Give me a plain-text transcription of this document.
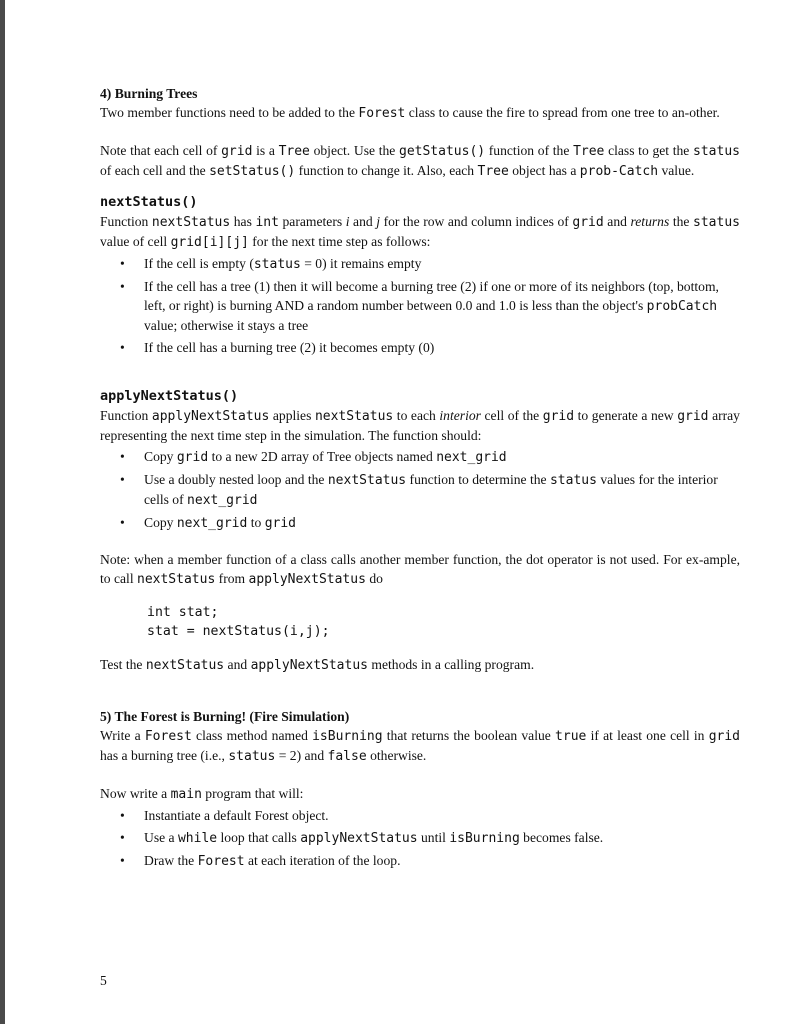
4) Burning Trees

Two member functions need to be added to the Forest class to cause the fire to spread from one tree to an-other.

Note that each cell of grid is a Tree object. Use the getStatus() function of the Tree class to get the status of each cell and the setStatus() function to change it. Also, each Tree object has a prob-Catch value.

nextStatus()

Function nextStatus has int parameters i and j for the row and column indices of grid and returns the status value of cell grid[i][j] for the next time step as follows:

• If the cell is empty (status = 0) it remains empty
• If the cell has a tree (1) then it will become a burning tree (2) if one or more of its neighbors (top, bottom, left, or right) is burning AND a random number between 0.0 and 1.0 is less than the object's probCatch value; otherwise it stays a tree
• If the cell has a burning tree (2) it becomes empty (0)

applyNextStatus()

Function applyNextStatus applies nextStatus to each interior cell of the grid to generate a new grid array representing the next time step in the simulation. The function should:

• Copy grid to a new 2D array of Tree objects named next_grid
• Use a doubly nested loop and the nextStatus function to determine the status values for the interior cells of next_grid
• Copy next_grid to grid

Note: when a member function of a class calls another member function, the dot operator is not used. For ex-ample, to call nextStatus from applyNextStatus do

int stat;
stat = nextStatus(i,j);

Test the nextStatus and applyNextStatus methods in a calling program.

5) The Forest is Burning! (Fire Simulation)

Write a Forest class method named isBurning that returns the boolean value true if at least one cell in grid has a burning tree (i.e., status = 2) and false otherwise.

Now write a main program that will:

• Instantiate a default Forest object.
• Use a while loop that calls applyNextStatus until isBurning becomes false.
• Draw the Forest at each iteration of the loop.
5
